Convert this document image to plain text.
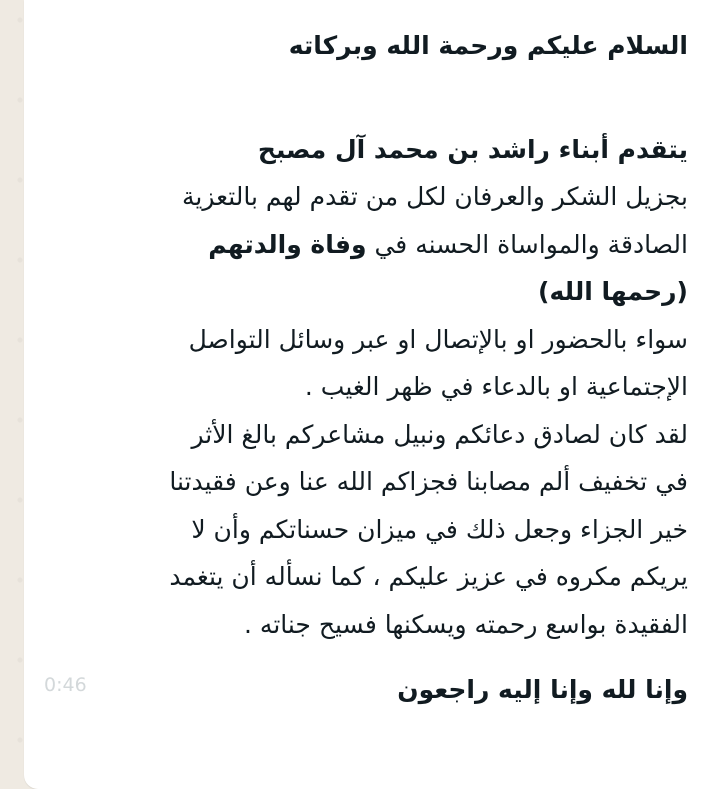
السلام عليكم ورحمة الله وبركاته
يتقدم أبناء راشد بن محمد آل مصبح
بجزيل الشكر والعرفان لكل من تقدم لهم بالتعزية
الصادقة والمواساة الحسنه في وفاة والدتهم
(رحمها الله)
سواء بالحضور او بالإتصال او عبر وسائل التواصل
الإجتماعية او بالدعاء في ظهر الغيب .
لقد كان لصادق دعائكم ونبيل مشاعركم بالغ الأثر
في تخفيف ألم مصابنا فجزاكم الله عنا وعن فقيدتنا
خير الجزاء وجعل ذلك في ميزان حسناتكم وأن لا
يريكم مكروه في عزيز عليكم ، كما نسأله أن يتغمد
الفقيدة بواسع رحمته ويسكنها فسيح جناته .
وإنا لله وإنا إليه راجعون
0:46
